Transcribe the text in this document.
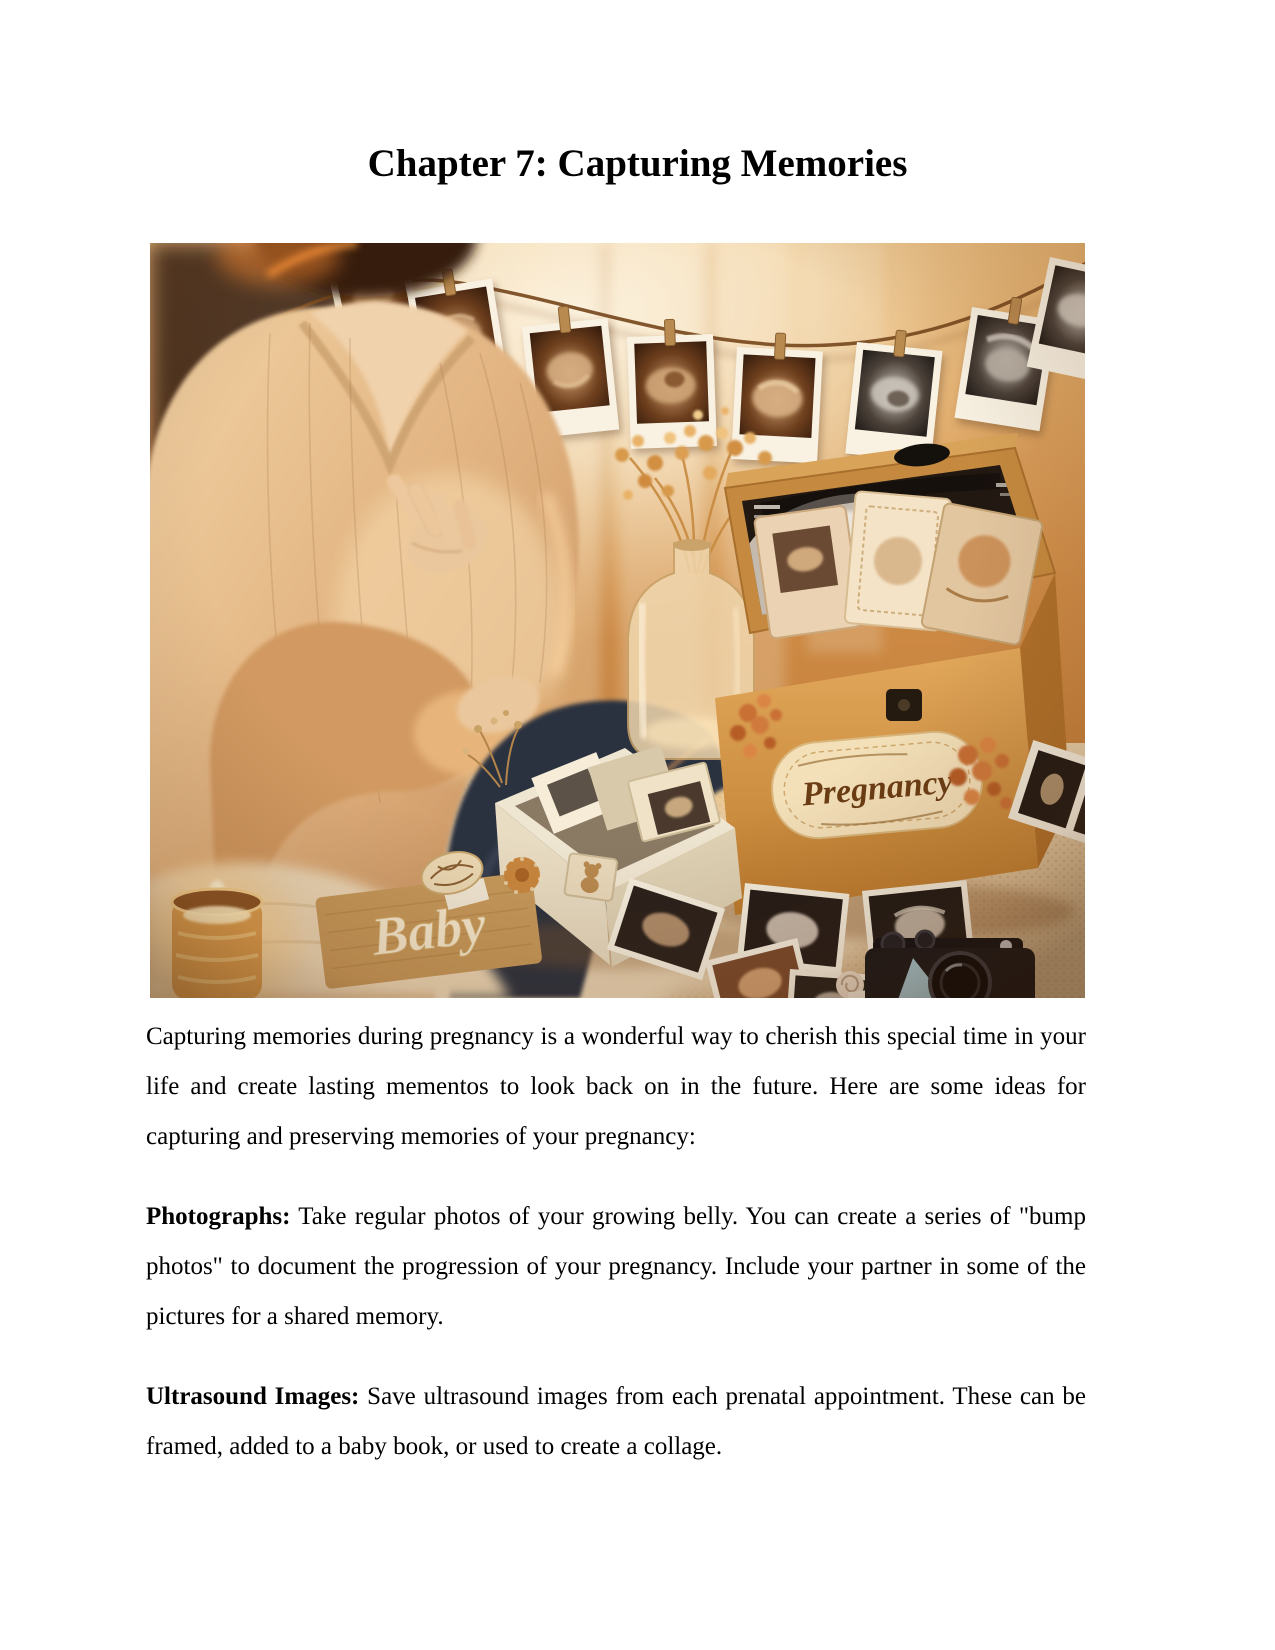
Chapter 7: Capturing Memories

Capturing memories during pregnancy is a wonderful way to cherish this special time in your life and create lasting mementos to look back on in the future. Here are some ideas for capturing and preserving memories of your pregnancy:

Photographs: Take regular photos of your growing belly. You can create a series of "bump photos" to document the progression of your pregnancy. Include your partner in some of the pictures for a shared memory.

Ultrasound Images: Save ultrasound images from each prenatal appointment. These can be framed, added to a baby book, or used to create a collage.
